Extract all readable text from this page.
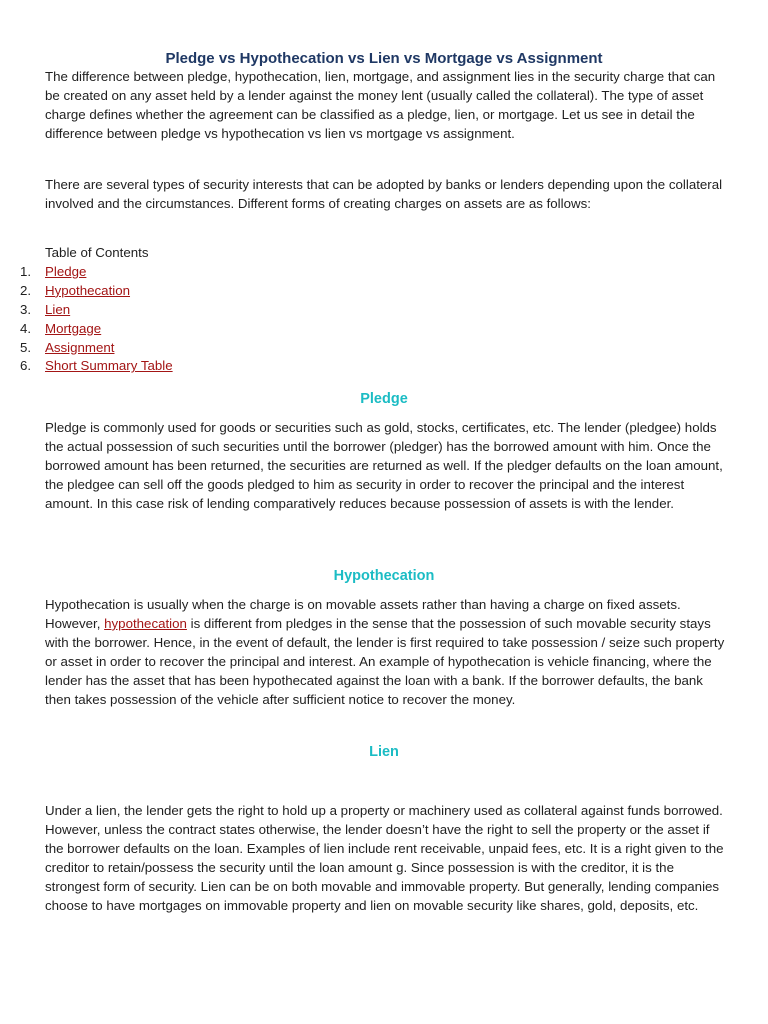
Pledge vs Hypothecation vs Lien vs Mortgage vs Assignment

The difference between pledge, hypothecation, lien, mortgage, and assignment lies in the security charge that can be created on any asset held by a lender against the money lent (usually called the collateral). The type of asset charge defines whether the agreement can be classified as a pledge, lien, or mortgage. Let us see in detail the difference between pledge vs hypothecation vs lien vs mortgage vs assignment.

There are several types of security interests that can be adopted by banks or lenders depending upon the collateral involved and the circumstances. Different forms of creating charges on assets are as follows:

Table of Contents
1.	Pledge
2.	Hypothecation
3.	Lien
4.	Mortgage
5.	Assignment
6.	Short Summary Table
Pledge

Pledge is commonly used for goods or securities such as gold, stocks, certificates, etc. The lender (pledgee) holds the actual possession of such securities until the borrower (pledger) has the borrowed amount with him. Once the borrowed amount has been returned, the securities are returned as well. If the pledger defaults on the loan amount, the pledgee can sell off the goods pledged to him as security in order to recover the principal and the interest amount. In this case risk of lending comparatively reduces because possession of assets is with the lender.

Hypothecation

Hypothecation is usually when the charge is on movable assets rather than having a charge on fixed assets. However, hypothecation is different from pledges in the sense that the possession of such movable security stays with the borrower. Hence, in the event of default, the lender is first required to take possession / seize such property or asset in order to recover the principal and interest. An example of hypothecation is vehicle financing, where the lender has the asset that has been hypothecated against the loan with a bank. If the borrower defaults, the bank then takes possession of the vehicle after sufficient notice to recover the money.

Lien

Under a lien, the lender gets the right to hold up a property or machinery used as collateral against funds borrowed. However, unless the contract states otherwise, the lender doesn’t have the right to sell the property or the asset if the borrower defaults on the loan. Examples of lien include rent receivable, unpaid fees, etc. It is a right given to the creditor to retain/possess the security until the loan amount g. Since possession is with the creditor, it is the strongest form of security. Lien can be on both movable and immovable property. But generally, lending companies choose to have mortgages on immovable property and lien on movable security like shares, gold, deposits, etc.
